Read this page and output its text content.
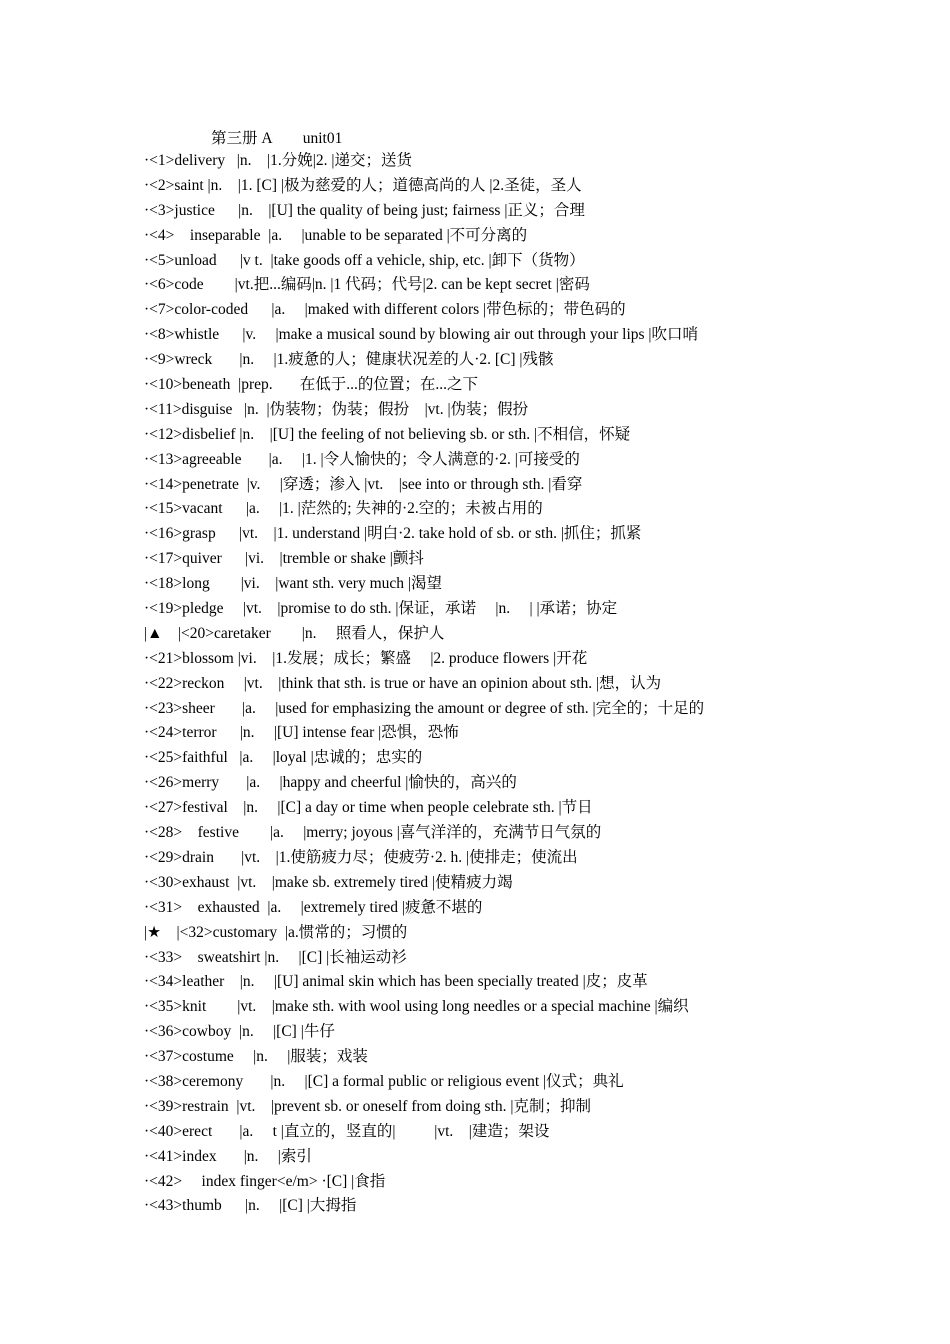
第三册 A        unit01
·<1>delivery   |n.    |1.分娩|2. |递交；送货
·<2>saint |n.    |1. [C] |极为慈爱的人；道德高尚的人 |2.圣徒，圣人
·<3>justice      |n.    |[U] the quality of being just; fairness |正义；合理
·<4>    inseparable  |a.     |unable to be separated |不可分离的
·<5>unload      |v t.  |take goods off a vehicle, ship, etc. |卸下（货物）
·<6>code        |vt.把...编码|n. |1 代码；代号|2. can be kept secret |密码
·<7>color-coded      |a.     |maked with different colors |带色标的；带色码的
·<8>whistle      |v.     |make a musical sound by blowing air out through your lips |吹口哨
·<9>wreck       |n.     |1.疲惫的人；健康状况差的人·2. [C] |残骸
·<10>beneath  |prep.       在低于...的位置；在...之下
·<11>disguise   |n.  |伪装物；伪装；假扮    |vt. |伪装；假扮
·<12>disbelief |n.    |[U] the feeling of not believing sb. or sth. |不相信，怀疑
·<13>agreeable       |a.     |1. |令人愉快的；令人满意的·2. |可接受的
·<14>penetrate  |v.     |穿透；渗入 |vt.    |see into or through sth. |看穿
·<15>vacant      |a.     |1. |茫然的; 失神的·2.空的；未被占用的
·<16>grasp      |vt.    |1. understand |明白·2. take hold of sb. or sth. |抓住；抓紧
·<17>quiver      |vi.    |tremble or shake |颤抖
·<18>long        |vi.    |want sth. very much |渴望
·<19>pledge     |vt.    |promise to do sth. |保证，承诺     |n.     | |承诺；协定
|▲    |<20>caretaker        |n.     照看人，保护人
·<21>blossom |vi.    |1.发展；成长；繁盛     |2. produce flowers |开花
·<22>reckon     |vt.    |think that sth. is true or have an opinion about sth. |想，认为
·<23>sheer       |a.     |used for emphasizing the amount or degree of sth. |完全的；十足的
·<24>terror      |n.     |[U] intense fear |恐惧，恐怖
·<25>faithful   |a.     |loyal |忠诚的；忠实的
·<26>merry       |a.     |happy and cheerful |愉快的，高兴的
·<27>festival    |n.     |[C] a day or time when people celebrate sth. |节日
·<28>    festive        |a.     |merry; joyous |喜气洋洋的，充满节日气氛的
·<29>drain       |vt.    |1.使筋疲力尽；使疲劳·2. h. |使排走；使流出
·<30>exhaust  |vt.    |make sb. extremely tired |使精疲力竭
·<31>    exhausted  |a.     |extremely tired |疲惫不堪的
|★    |<32>customary  |a.惯常的；习惯的
·<33>    sweatshirt |n.     |[C] |长袖运动衫
·<34>leather    |n.     |[U] animal skin which has been specially treated |皮；皮革
·<35>knit        |vt.    |make sth. with wool using long needles or a special machine |编织
·<36>cowboy  |n.     |[C] |牛仔
·<37>costume     |n.     |服装；戏装
·<38>ceremony       |n.     |[C] a formal public or religious event |仪式；典礼
·<39>restrain  |vt.    |prevent sb. or oneself from doing sth. |克制；抑制
·<40>erect       |a.     t |直立的，竖直的|          |vt.    |建造；架设
·<41>index       |n.     |索引
·<42>     index finger<e/m> ·[C] |食指
·<43>thumb      |n.     |[C] |大拇指
